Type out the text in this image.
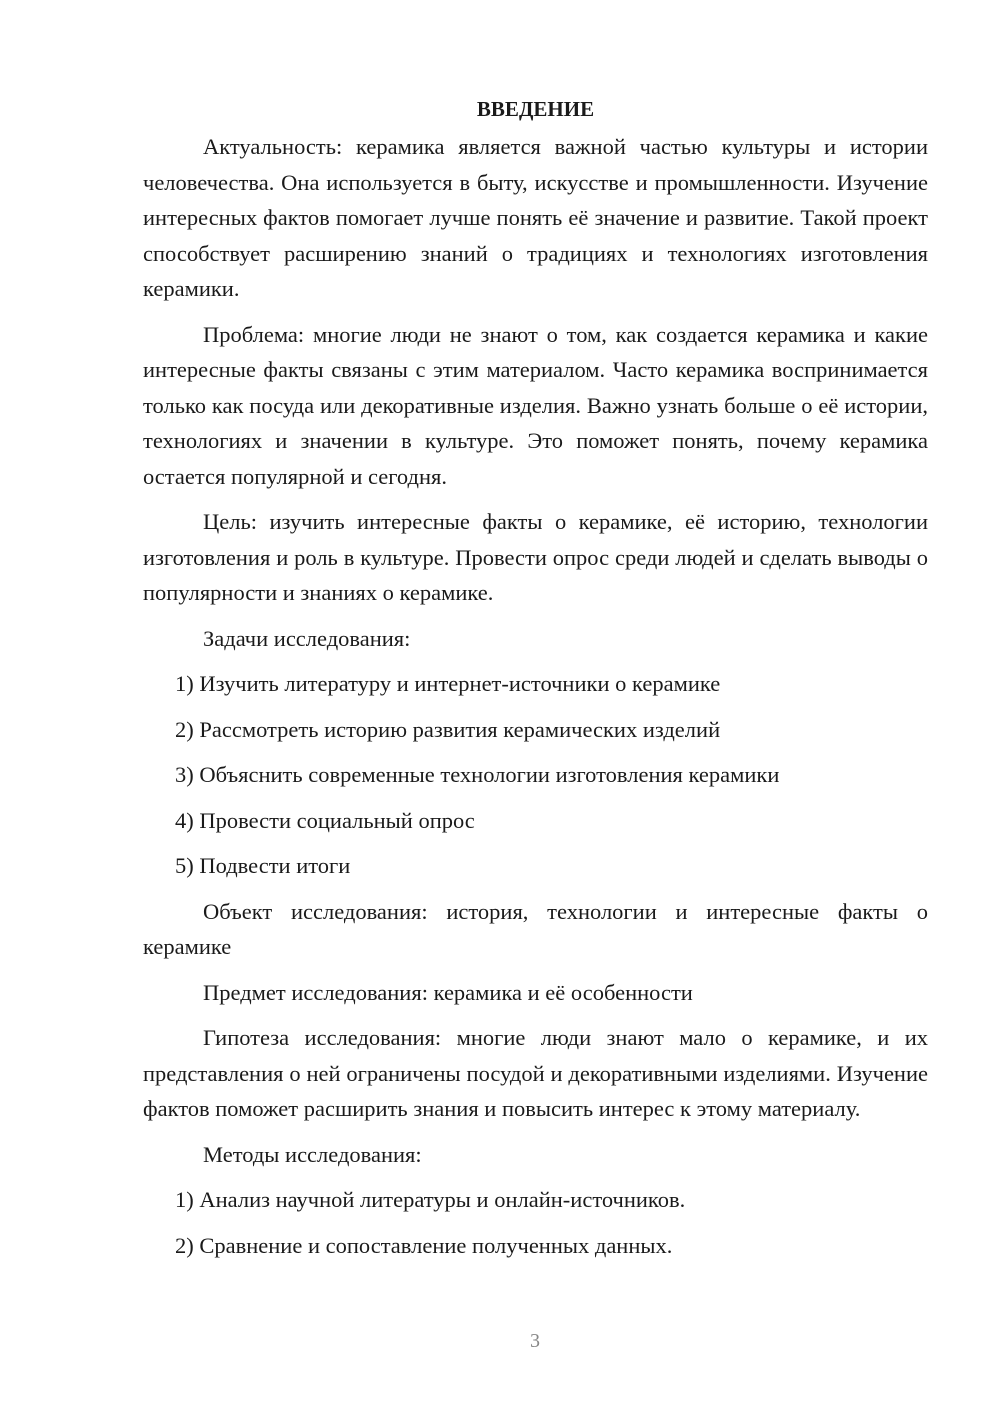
ВВЕДЕНИЕ

Актуальность: керамика является важной частью культуры и истории человечества. Она используется в быту, искусстве и промышленности. Изучение интересных фактов помогает лучше понять её значение и развитие. Такой проект способствует расширению знаний о традициях и технологиях изготовления керамики.

Проблема: многие люди не знают о том, как создается керамика и какие интересные факты связаны с этим материалом. Часто керамика воспринимается только как посуда или декоративные изделия. Важно узнать больше о её истории, технологиях и значении в культуре. Это поможет понять, почему керамика остается популярной и сегодня.

Цель: изучить интересные факты о керамике, её историю, технологии изготовления и роль в культуре. Провести опрос среди людей и сделать выводы о популярности и знаниях о керамике.

Задачи исследования:
1) Изучить литературу и интернет-источники о керамике
2) Рассмотреть историю развития керамических изделий
3) Объяснить современные технологии изготовления керамики
4) Провести социальный опрос
5) Подвести итоги

Объект исследования: история, технологии и интересные факты о керамике

Предмет исследования: керамика и её особенности

Гипотеза исследования: многие люди знают мало о керамике, и их представления о ней ограничены посудой и декоративными изделиями. Изучение фактов поможет расширить знания и повысить интерес к этому материалу.

Методы исследования:
1) Анализ научной литературы и онлайн-источников.
2) Сравнение и сопоставление полученных данных.
3
